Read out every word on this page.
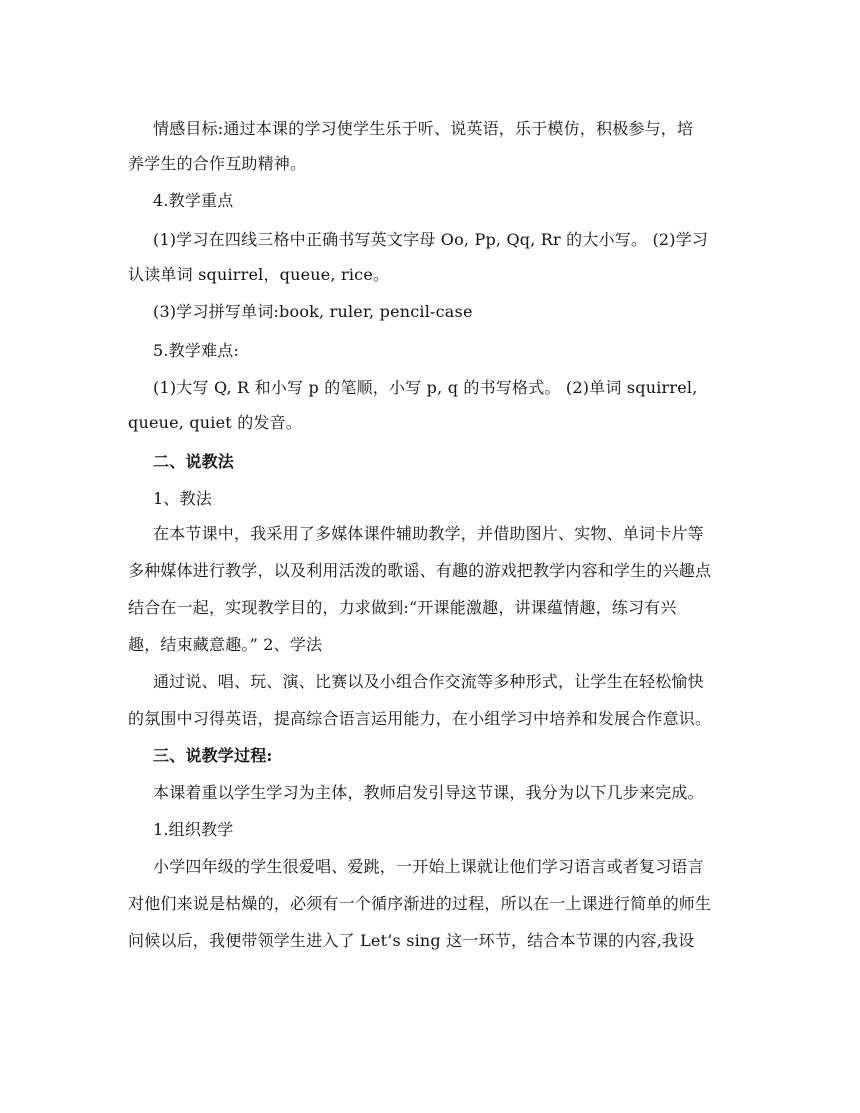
情感目标:通过本课的学习使学生乐于听、说英语，乐于模仿，积极参与，培
养学生的合作互助精神。
4.教学重点
(1)学习在四线三格中正确书写英文字母 Oo, Pp, Qq, Rr 的大小写。 (2)学习
认读单词 squirrel，queue, rice。
(3)学习拼写单词:book, ruler, pencil-case
5.教学难点:
(1)大写 Q, R 和小写 p 的笔顺，小写 p, q 的书写格式。 (2)单词 squirrel,
queue, quiet 的发音。
二、说教法
1、教法
在本节课中，我采用了多媒体课件辅助教学，并借助图片、实物、单词卡片等
多种媒体进行教学，以及利用活泼的歌谣、有趣的游戏把教学内容和学生的兴趣点
结合在一起，实现教学目的，力求做到:“开课能激趣，讲课蕴情趣，练习有兴
趣，结束藏意趣。” 2、学法
通过说、唱、玩、演、比赛以及小组合作交流等多种形式，让学生在轻松愉快
的氛围中习得英语，提高综合语言运用能力，在小组学习中培养和发展合作意识。
三、说教学过程:
本课着重以学生学习为主体，教师启发引导这节课，我分为以下几步来完成。
1.组织教学
小学四年级的学生很爱唱、爱跳，一开始上课就让他们学习语言或者复习语言
对他们来说是枯燥的，必须有一个循序渐进的过程，所以在一上课进行简单的师生
问候以后，我便带领学生进入了 Let’s sing 这一环节，结合本节课的内容,我设
